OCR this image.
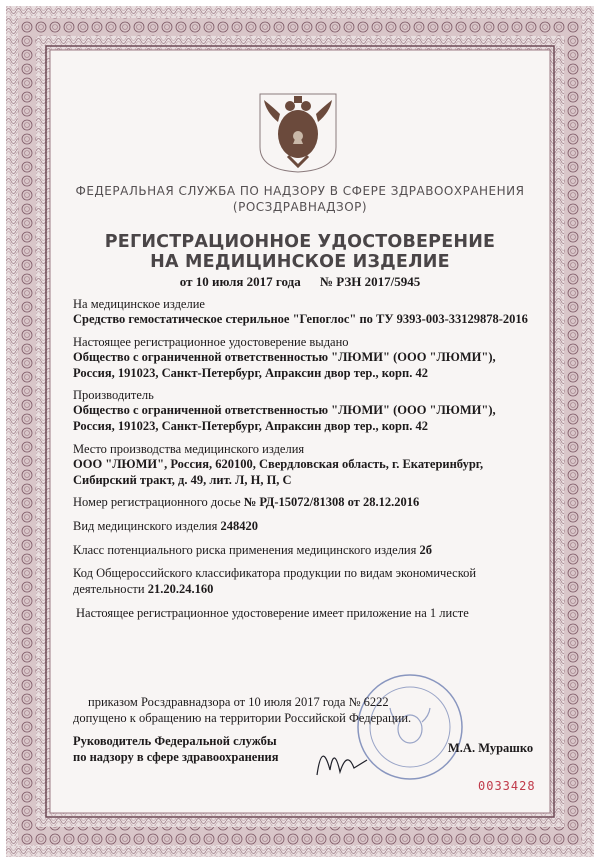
ФЕДЕРАЛЬНАЯ СЛУЖБА ПО НАДЗОРУ В СФЕРЕ ЗДРАВООХРАНЕНИЯ
(РОСЗДРАВНАДЗОР)
РЕГИСТРАЦИОННОЕ УДОСТОВЕРЕНИЕ
НА МЕДИЦИНСКОЕ ИЗДЕЛИЕ
от 10 июля 2017 года № РЗН 2017/5945
На медицинское изделие
Средство гемостатическое стерильное "Гепоглос" по ТУ 9393-003-33129878-2016
Настоящее регистрационное удостоверение выдано
Общество с ограниченной ответственностью "ЛЮМИ" (ООО "ЛЮМИ"),
Россия, 191023, Санкт-Петербург, Апраксин двор тер., корп. 42
Производитель
Общество с ограниченной ответственностью "ЛЮМИ" (ООО "ЛЮМИ"),
Россия, 191023, Санкт-Петербург, Апраксин двор тер., корп. 42
Место производства медицинского изделия
ООО "ЛЮМИ", Россия, 620100, Свердловская область, г. Екатеринбург,
Сибирский тракт, д. 49, лит. Л, Н, П, С
Номер регистрационного досье № РД-15072/81308 от 28.12.2016
Вид медицинского изделия 248420
Класс потенциального риска применения медицинского изделия 2б
Код Общероссийского классификатора продукции по видам экономической
деятельности 21.20.24.160
Настоящее регистрационное удостоверение имеет приложение на 1 листе
приказом Росздравнадзора от 10 июля 2017 года № 6222
допущено к обращению на территории Российской Федерации.
Руководитель Федеральной службы
по надзору в сфере здравоохранения
М.А. Мурашко
0033428
